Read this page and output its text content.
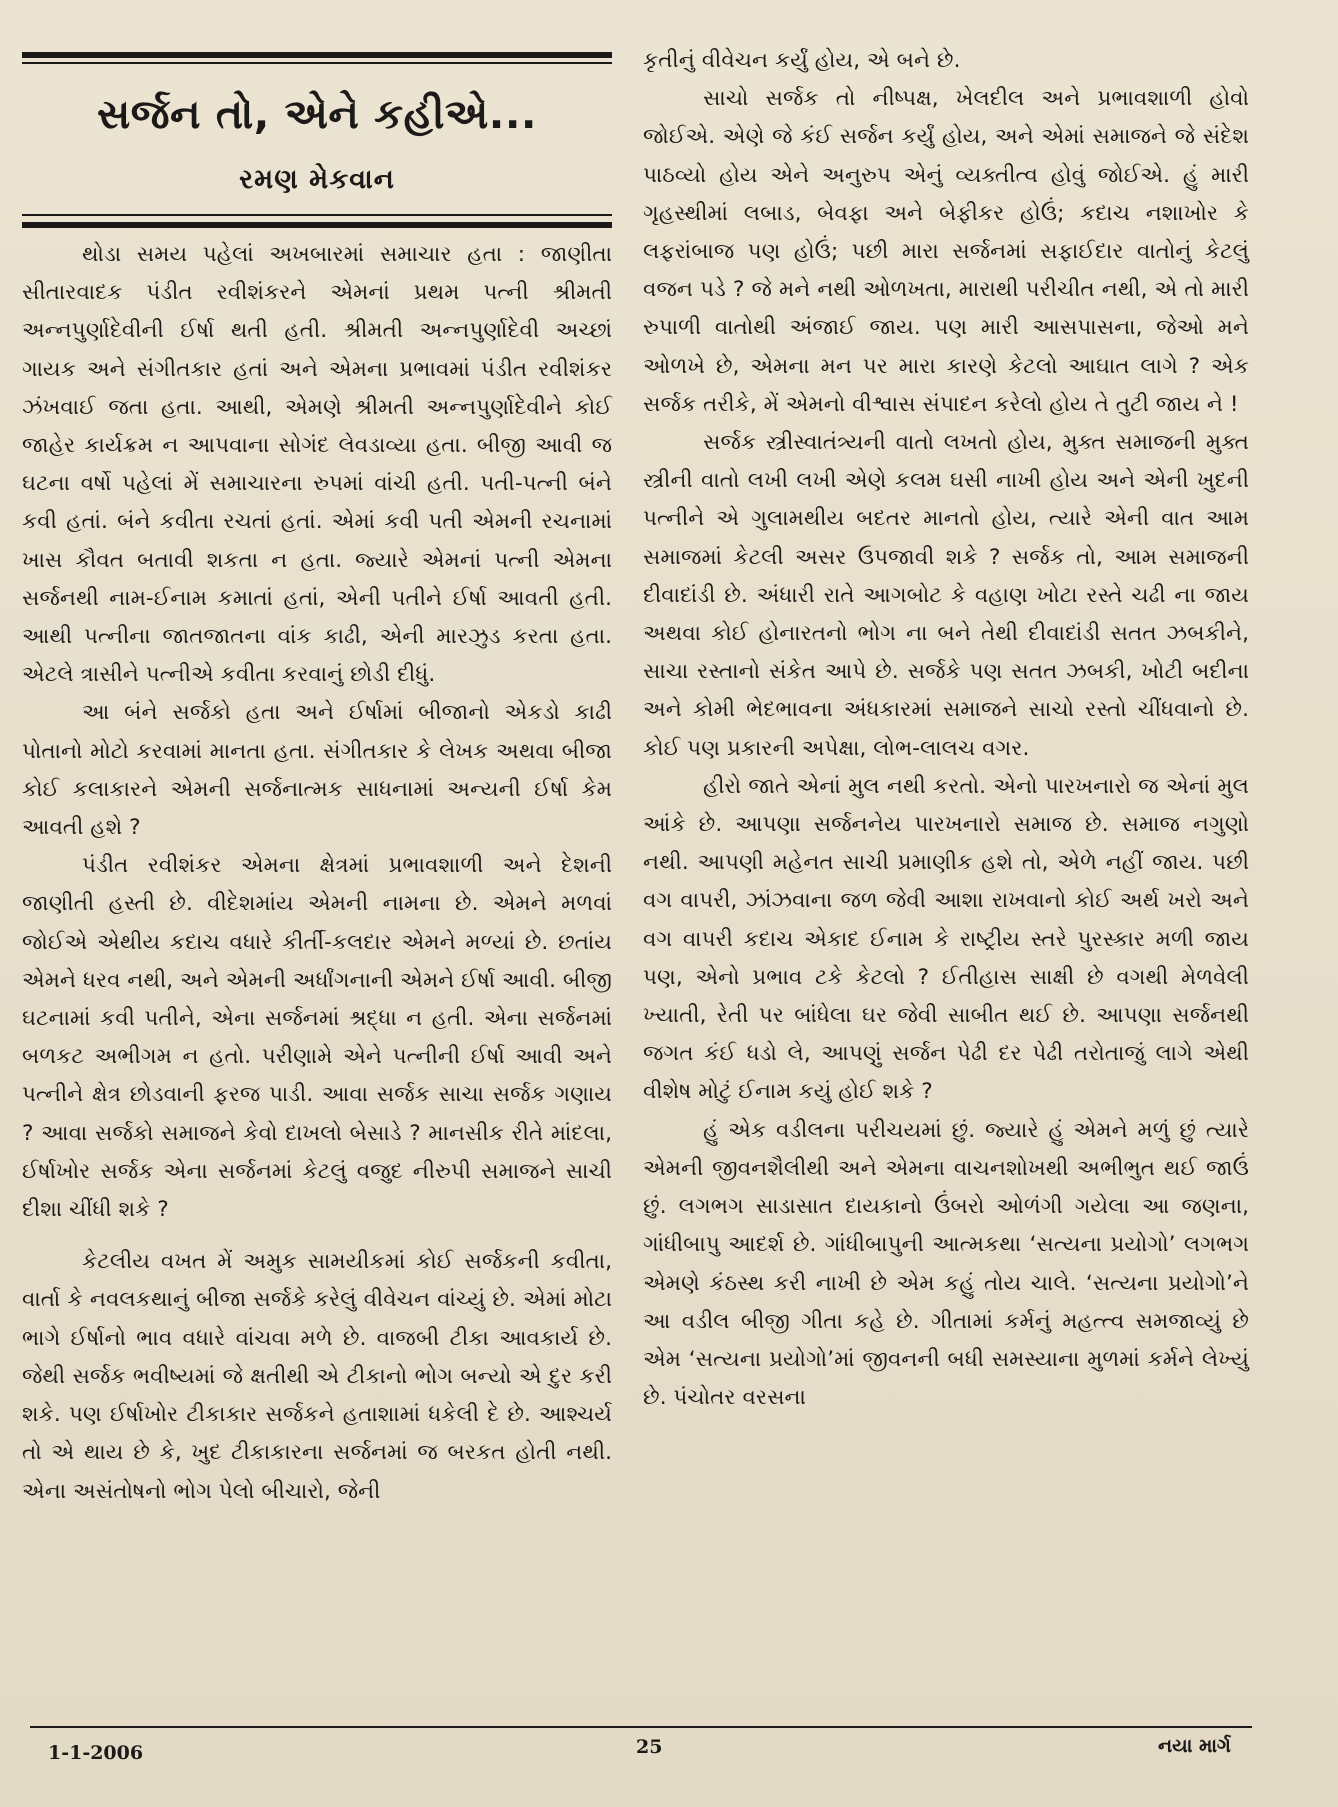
સર્જન તો, એને કહીએ...
રમણ મેકવાન

થોડા સમય પહેલાં અખબારમાં સમાચાર હતા : જાણીતા સીતારવાદક પંડીત રવીશંકરને એમનાં પ્રથમ પત્ની શ્રીમતી અન્નપુર્ણાદેવીની ઈર્ષા થતી હતી. શ્રીમતી અન્નપુર્ણાદેવી અચ્છાં ગાયક અને સંગીતકાર હતાં અને એમના પ્રભાવમાં પંડીત રવીશંકર ઝંખવાઈ જતા હતા. આથી, એમણે શ્રીમતી અન્નપુર્ણાદેવીને કોઈ જાહેર કાર્યક્રમ ન આપવાના સોગંદ લેવડાવ્યા હતા. બીજી આવી જ ઘટના વર્ષો પહેલાં મેં સમાચારના રુપમાં વાંચી હતી. પતી-પત્ની બંને કવી હતાં. બંને કવીતા રચતાં હતાં. એમાં કવી પતી એમની રચનામાં ખાસ કૌવત બતાવી શકતા ન હતા. જ્યારે એમનાં પત્ની એમના સર્જનથી નામ-ઈનામ કમાતાં હતાં, એની પતીને ઈર્ષા આવતી હતી. આથી પત્નીના જાતજાતના વાંક કાઢી, એની મારઝુડ કરતા હતા. એટલે ત્રાસીને પત્નીએ કવીતા કરવાનું છોડી દીધું.

આ બંને સર્જકો હતા અને ઈર્ષામાં બીજાનો એકડો કાઢી પોતાનો મોટો કરવામાં માનતા હતા. સંગીતકાર કે લેખક અથવા બીજા કોઈ કલાકારને એમની સર્જનાત્મક સાધનામાં અન્યની ઈર્ષા કેમ આવતી હશે ?

પંડીત રવીશંકર એમના ક્ષેત્રમાં પ્રભાવશાળી અને દેશની જાણીતી હસ્તી છે. વીદેશમાંય એમની નામના છે. એમને મળવાં જોઈએ એથીય કદાચ વધારે કીર્તી-કલદાર એમને મળ્યાં છે. છતાંય એમને ધરવ નથી, અને એમની અર્ધાંગનાની એમને ઈર્ષા આવી. બીજી ઘટનામાં કવી પતીને, એના સર્જનમાં શ્રદ્ધા ન હતી. એના સર્જનમાં બળકટ અભીગમ ન હતો. પરીણામે એને પત્નીની ઈર્ષા આવી અને પત્નીને ક્ષેત્ર છોડવાની ફરજ પાડી. આવા સર્જક સાચા સર્જક ગણાય ? આવા સર્જકો સમાજને કેવો દાખલો બેસાડે ? માનસીક રીતે માંદલા, ઈર્ષાખોર સર્જક એના સર્જનમાં કેટલું વજુદ નીરુપી સમાજને સાચી દીશા ચીંધી શકે ?

કેટલીય વખત મેં અમુક સામયીકમાં કોઈ સર્જકની કવીતા, વાર્તા કે નવલકથાનું બીજા સર્જકે કરેલું વીવેચન વાંચ્યું છે. એમાં મોટા ભાગે ઈર્ષાનો ભાવ વધારે વાંચવા મળે છે. વાજબી ટીકા આવકાર્ય છે. જેથી સર્જક ભવીષ્યમાં જે ક્ષતીથી એ ટીકાનો ભોગ બન્યો એ દુર કરી શકે. પણ ઈર્ષાખોર ટીકાકાર સર્જકને હતાશામાં ધકેલી દે છે. આશ્ચર્ય તો એ થાય છે કે, ખુદ ટીકાકારના સર્જનમાં જ બરકત હોતી નથી. એના અસંતોષનો ભોગ પેલો બીચારો, જેની

કૃતીનું વીવેચન કર્યું હોય, એ બને છે.

સાચો સર્જક તો નીષ્પક્ષ, ખેલદીલ અને પ્રભાવશાળી હોવો જોઈએ. એણે જે કંઈ સર્જન કર્યું હોય, અને એમાં સમાજને જે સંદેશ પાઠવ્યો હોય એને અનુરુપ એનું વ્યક્તીત્વ હોવું જોઈએ. હું મારી ગૃહસ્થીમાં લબાડ, બેવફા અને બેફીકર હોઉં; કદાચ નશાખોર કે લફરાંબાજ પણ હોઉં; પછી મારા સર્જનમાં સફાઈદાર વાતોનું કેટલું વજન પડે ? જે મને નથી ઓળખતા, મારાથી પરીચીત નથી, એ તો મારી રુપાળી વાતોથી અંજાઈ જાય. પણ મારી આસપાસના, જેઓ મને ઓળખે છે, એમના મન પર મારા કારણે કેટલો આઘાત લાગે ? એક સર્જક તરીકે, મેં એમનો વીશ્વાસ સંપાદન કરેલો હોય તે તુટી જાય ને !

સર્જક સ્ત્રીસ્વાતંત્ર્યની વાતો લખતો હોય, મુક્ત સમાજની મુક્ત સ્ત્રીની વાતો લખી લખી એણે કલમ ઘસી નાખી હોય અને એની ખુદની પત્નીને એ ગુલામથીય બદતર માનતો હોય, ત્યારે એની વાત આમ સમાજમાં કેટલી અસર ઉપજાવી શકે ? સર્જક તો, આમ સમાજની દીવાદાંડી છે. અંધારી રાતે આગબોટ કે વહાણ ખોટા રસ્તે ચઢી ના જાય અથવા કોઈ હોનારતનો ભોગ ના બને તેથી દીવાદાંડી સતત ઝબકીને, સાચા રસ્તાનો સંકેત આપે છે. સર્જકે પણ સતત ઝબકી, ખોટી બદીના અને કોમી ભેદભાવના અંધકારમાં સમાજને સાચો રસ્તો ચીંધવાનો છે. કોઈ પણ પ્રકારની અપેક્ષા, લોભ-લાલચ વગર.

હીરો જાતે એનાં મુલ નથી કરતો. એનો પારખનારો જ એનાં મુલ આંકે છે. આપણા સર્જનનેય પારખનારો સમાજ છે. સમાજ નગુણો નથી. આપણી મહેનત સાચી પ્રમાણીક હશે તો, એળે નહીં જાય. પછી વગ વાપરી, ઝાંઝવાના જળ જેવી આશા રાખવાનો કોઈ અર્થ ખરો અને વગ વાપરી કદાચ એકાદ ઈનામ કે રાષ્ટ્રીય સ્તરે પુરસ્કાર મળી જાય પણ, એનો પ્રભાવ ટકે કેટલો ? ઈતીહાસ સાક્ષી છે વગથી મેળવેલી ખ્યાતી, રેતી પર બાંધેલા ઘર જેવી સાબીત થઈ છે. આપણા સર્જનથી જગત કંઈ ધડો લે, આપણું સર્જન પેઢી દર પેઢી તરોતાજું લાગે એથી વીશેષ મોટું ઈનામ કયું હોઈ શકે ?

હું એક વડીલના પરીચયમાં છું. જ્યારે હું એમને મળું છું ત્યારે એમની જીવનશૈલીથી અને એમના વાચનશોખથી અભીભુત થઈ જાઉં છું. લગભગ સાડાસાત દાયકાનો ઉંબરો ઓળંગી ગયેલા આ જણના, ગાંધીબાપુ આદર્શ છે. ગાંધીબાપુની આત્મકથા ‘સત્યના પ્રયોગો’ લગભગ એમણે કંઠસ્થ કરી નાખી છે એમ કહું તોય ચાલે. ‘સત્યના પ્રયોગો’ને આ વડીલ બીજી ગીતા કહે છે. ગીતામાં કર્મનું મહત્ત્વ સમજાવ્યું છે એમ ‘સત્યના પ્રયોગો’માં જીવનની બધી સમસ્યાના મુળમાં કર્મને લેખ્યું છે. પંચોતર વરસના

1-1-2006	25	નયા માર્ગ
